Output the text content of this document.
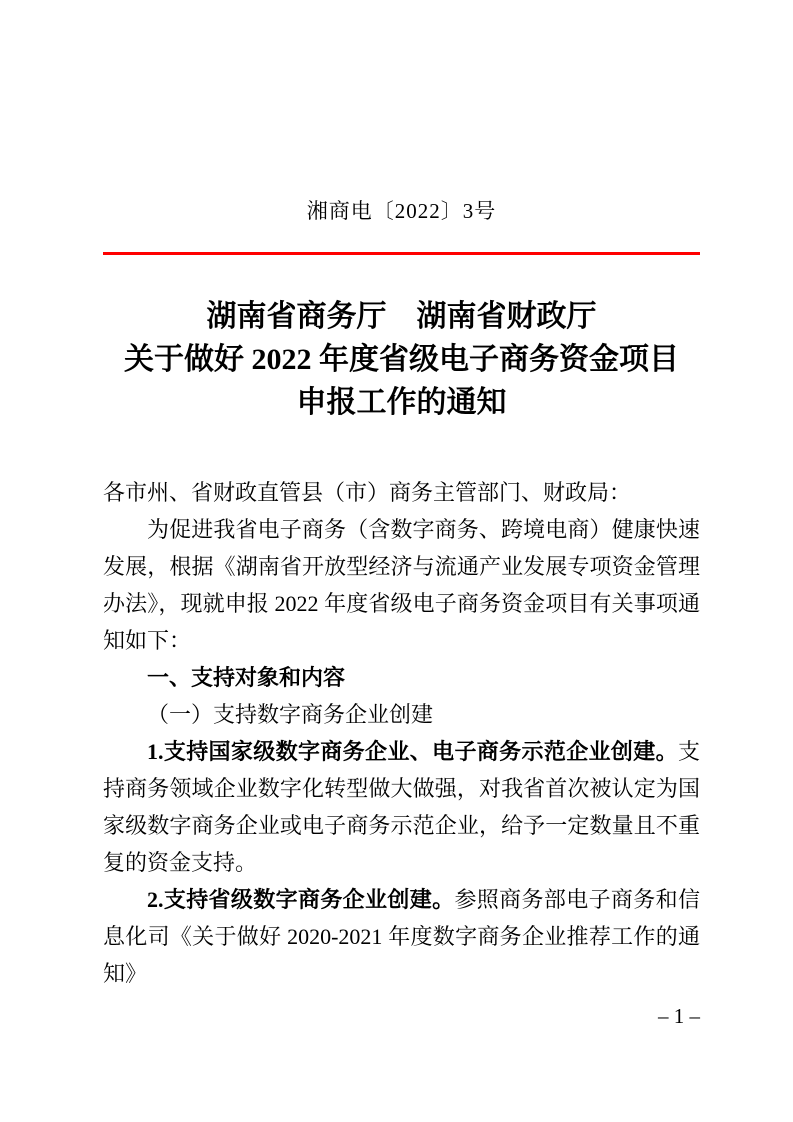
湘商电〔2022〕3号
湖南省商务厅　湖南省财政厅
关于做好 2022 年度省级电子商务资金项目
申报工作的通知

各市州、省财政直管县（市）商务主管部门、财政局：

为促进我省电子商务（含数字商务、跨境电商）健康快速发展，根据《湖南省开放型经济与流通产业发展专项资金管理办法》，现就申报 2022 年度省级电子商务资金项目有关事项通知如下：

一、支持对象和内容

（一）支持数字商务企业创建

1.支持国家级数字商务企业、电子商务示范企业创建。支持商务领域企业数字化转型做大做强，对我省首次被认定为国家级数字商务企业或电子商务示范企业，给予一定数量且不重复的资金支持。

2.支持省级数字商务企业创建。参照商务部电子商务和信息化司《关于做好 2020-2021 年度数字商务企业推荐工作的通知》

– 1 –
